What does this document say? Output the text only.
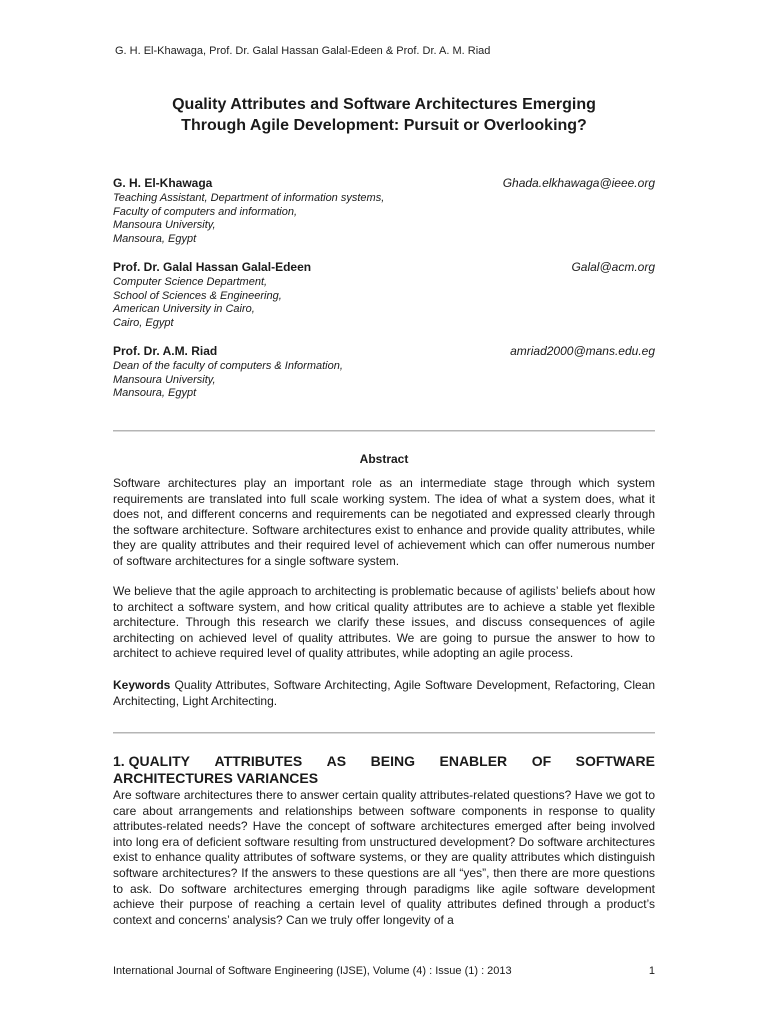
G. H. El-Khawaga, Prof. Dr. Galal Hassan Galal-Edeen & Prof. Dr. A. M. Riad
Quality Attributes and Software Architectures Emerging
Through Agile Development: Pursuit or Overlooking?
G. H. El-Khawaga	Ghada.elkhawaga@ieee.org
Teaching Assistant, Department of information systems,
Faculty of computers and information,
Mansoura University,
Mansoura, Egypt
Prof. Dr. Galal Hassan Galal-Edeen	Galal@acm.org
Computer Science Department,
School of Sciences & Engineering,
American University in Cairo,
Cairo, Egypt
Prof. Dr. A.M. Riad	amriad2000@mans.edu.eg
Dean of the faculty of computers & Information,
Mansoura University,
Mansoura, Egypt
Abstract

Software architectures play an important role as an intermediate stage through which system requirements are translated into full scale working system. The idea of what a system does, what it does not, and different concerns and requirements can be negotiated and expressed clearly through the software architecture. Software architectures exist to enhance and provide quality attributes, while they are quality attributes and their required level of achievement which can offer numerous number of software architectures for a single software system.

We believe that the agile approach to architecting is problematic because of agilists’ beliefs about how to architect a software system, and how critical quality attributes are to achieve a stable yet flexible architecture. Through this research we clarify these issues, and discuss consequences of agile architecting on achieved level of quality attributes. We are going to pursue the answer to how to architect to achieve required level of quality attributes, while adopting an agile process.

Keywords Quality Attributes, Software Architecting, Agile Software Development, Refactoring, Clean Architecting, Light Architecting.

1. QUALITY ATTRIBUTES AS BEING ENABLER OF SOFTWARE
ARCHITECTURES VARIANCES

Are software architectures there to answer certain quality attributes-related questions? Have we got to care about arrangements and relationships between software components in response to quality attributes-related needs? Have the concept of software architectures emerged after being involved into long era of deficient software resulting from unstructured development? Do software architectures exist to enhance quality attributes of software systems, or they are quality attributes which distinguish software architectures? If the answers to these questions are all “yes”, then there are more questions to ask. Do software architectures emerging through paradigms like agile software development achieve their purpose of reaching a certain level of quality attributes defined through a product’s context and concerns’ analysis? Can we truly offer longevity of a

International Journal of Software Engineering (IJSE), Volume (4) : Issue (1) : 2013	1
